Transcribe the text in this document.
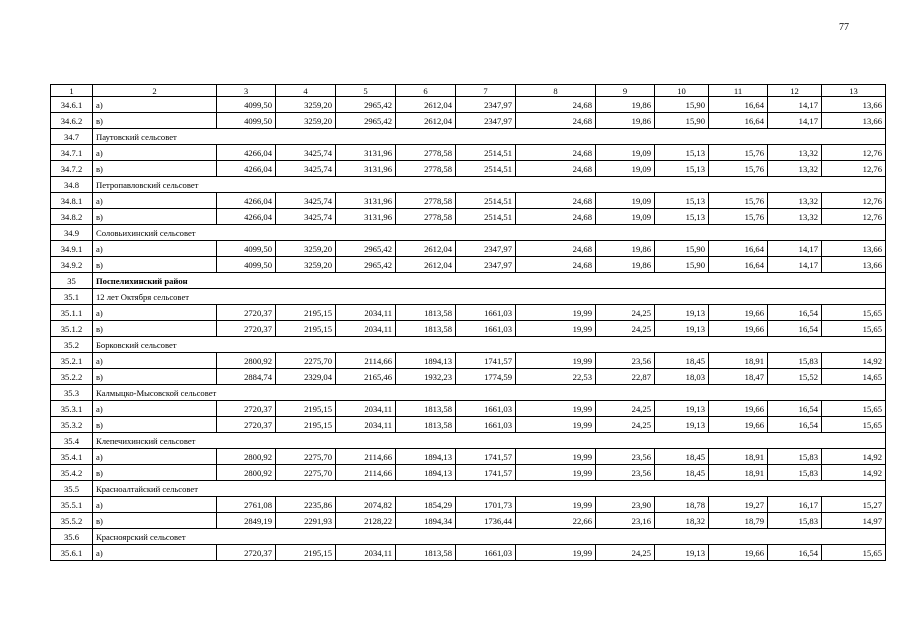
77
1	2	3	4	5	6	7	8	9	10	11	12	13
34.6.1	а)	4099,50	3259,20	2965,42	2612,04	2347,97	24,68	19,86	15,90	16,64	14,17	13,66
34.6.2	в)	4099,50	3259,20	2965,42	2612,04	2347,97	24,68	19,86	15,90	16,64	14,17	13,66
34.7	Паутовский сельсовет											
34.7.1	а)	4266,04	3425,74	3131,96	2778,58	2514,51	24,68	19,09	15,13	15,76	13,32	12,76
34.7.2	в)	4266,04	3425,74	3131,96	2778,58	2514,51	24,68	19,09	15,13	15,76	13,32	12,76
34.8	Петропавловский сельсовет											
34.8.1	а)	4266,04	3425,74	3131,96	2778,58	2514,51	24,68	19,09	15,13	15,76	13,32	12,76
34.8.2	в)	4266,04	3425,74	3131,96	2778,58	2514,51	24,68	19,09	15,13	15,76	13,32	12,76
34.9	Соловьихинский сельсовет											
34.9.1	а)	4099,50	3259,20	2965,42	2612,04	2347,97	24,68	19,86	15,90	16,64	14,17	13,66
34.9.2	в)	4099,50	3259,20	2965,42	2612,04	2347,97	24,68	19,86	15,90	16,64	14,17	13,66
35	Поспелихинский район											
35.1	12 лет Октября сельсовет											
35.1.1	а)	2720,37	2195,15	2034,11	1813,58	1661,03	19,99	24,25	19,13	19,66	16,54	15,65
35.1.2	в)	2720,37	2195,15	2034,11	1813,58	1661,03	19,99	24,25	19,13	19,66	16,54	15,65
35.2	Борковский сельсовет											
35.2.1	а)	2800,92	2275,70	2114,66	1894,13	1741,57	19,99	23,56	18,45	18,91	15,83	14,92
35.2.2	в)	2884,74	2329,04	2165,46	1932,23	1774,59	22,53	22,87	18,03	18,47	15,52	14,65
35.3	Калмыцко-Мысовской сельсовет											
35.3.1	а)	2720,37	2195,15	2034,11	1813,58	1661,03	19,99	24,25	19,13	19,66	16,54	15,65
35.3.2	в)	2720,37	2195,15	2034,11	1813,58	1661,03	19,99	24,25	19,13	19,66	16,54	15,65
35.4	Клепечихинский сельсовет											
35.4.1	а)	2800,92	2275,70	2114,66	1894,13	1741,57	19,99	23,56	18,45	18,91	15,83	14,92
35.4.2	в)	2800,92	2275,70	2114,66	1894,13	1741,57	19,99	23,56	18,45	18,91	15,83	14,92
35.5	Красноалтайский сельсовет											
35.5.1	а)	2761,08	2235,86	2074,82	1854,29	1701,73	19,99	23,90	18,78	19,27	16,17	15,27
35.5.2	в)	2849,19	2291,93	2128,22	1894,34	1736,44	22,66	23,16	18,32	18,79	15,83	14,97
35.6	Красноярский сельсовет											
35.6.1	а)	2720,37	2195,15	2034,11	1813,58	1661,03	19,99	24,25	19,13	19,66	16,54	15,65
